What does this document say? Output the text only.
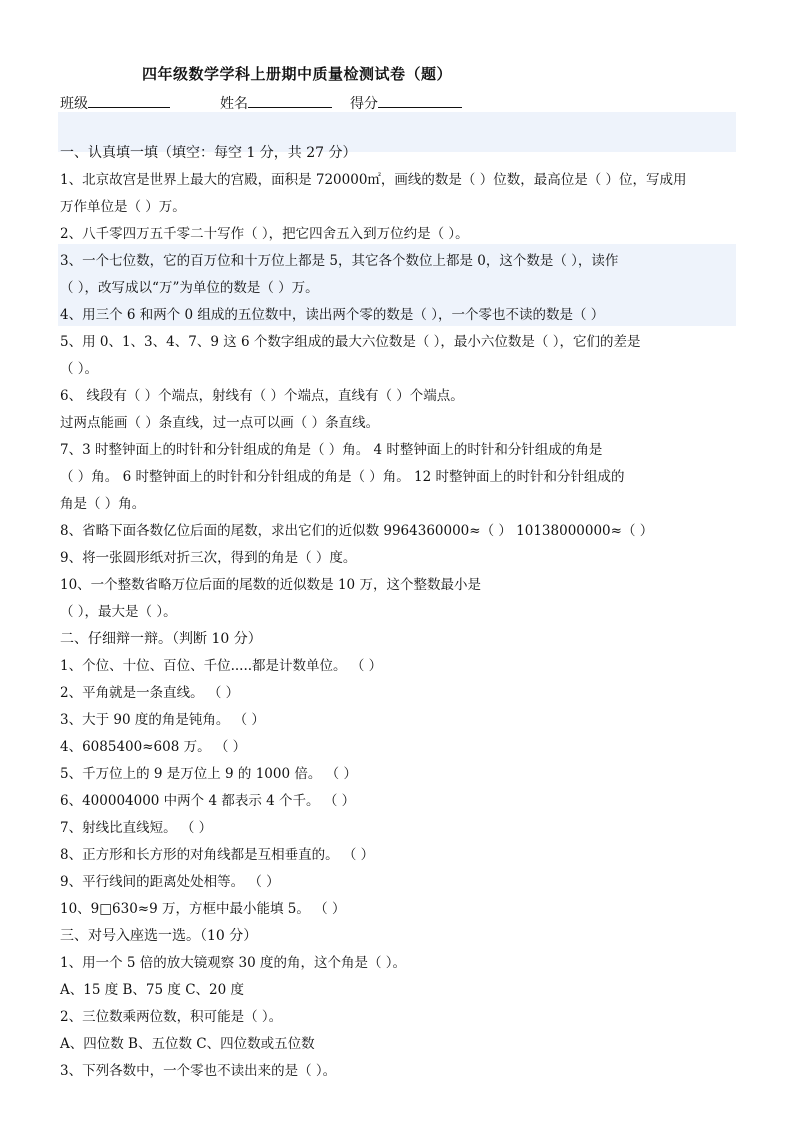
四年级数学学科上册期中质量检测试卷（题）
班级	姓名	得分
一、认真填一填（填空：每空 1 分，共 27 分）
1、北京故宫是世界上最大的宫殿，面积是 720000㎡，画线的数是（ ）位数，最高位是（ ）位，写成用
万作单位是（ ）万。
2、八千零四万五千零二十写作（ ），把它四舍五入到万位约是（ ）。
3、一个七位数，它的百万位和十万位上都是 5，其它各个数位上都是 0，这个数是（ ），读作
（ ），改写成以“万”为单位的数是（ ）万。
4、用三个 6 和两个 0 组成的五位数中，读出两个零的数是（ ），一个零也不读的数是（ ）
5、用 0、1、3、4、7、9 这 6 个数字组成的最大六位数是（ ），最小六位数是（ ），它们的差是
（ ）。
6、 线段有（ ）个端点，射线有（ ）个端点，直线有（ ）个端点。
过两点能画（ ）条直线，过一点可以画（ ）条直线。
7、3 时整钟面上的时针和分针组成的角是（ ）角。 4 时整钟面上的时针和分针组成的角是
（ ）角。 6 时整钟面上的时针和分针组成的角是（ ）角。 12 时整钟面上的时针和分针组成的
角是（ ）角。
8、省略下面各数亿位后面的尾数，求出它们的近似数 9964360000≈（ ） 10138000000≈（ ）
9、将一张圆形纸对折三次，得到的角是（ ）度。
10、一个整数省略万位后面的尾数的近似数是 10 万，这个整数最小是
（ ），最大是（ ）。
二、仔细辩一辩。（判断 10 分）
1、个位、十位、百位、千位.....都是计数单位。 （ ）
2、平角就是一条直线。 （ ）
3、大于 90 度的角是钝角。 （ ）
4、6085400≈608 万。 （ ）
5、千万位上的 9 是万位上 9 的 1000 倍。 （ ）
6、400004000 中两个 4 都表示 4 个千。 （ ）
7、射线比直线短。 （ ）
8、正方形和长方形的对角线都是互相垂直的。 （ ）
9、平行线间的距离处处相等。 （ ）
10、9□630≈9 万，方框中最小能填 5。 （ ）
三、对号入座选一选。（10 分）
1、用一个 5 倍的放大镜观察 30 度的角，这个角是（ ）。
A、15 度 B、75 度 C、20 度
2、三位数乘两位数，积可能是（ ）。
A、四位数 B、五位数 C、四位数或五位数
3、下列各数中，一个零也不读出来的是（ ）。
